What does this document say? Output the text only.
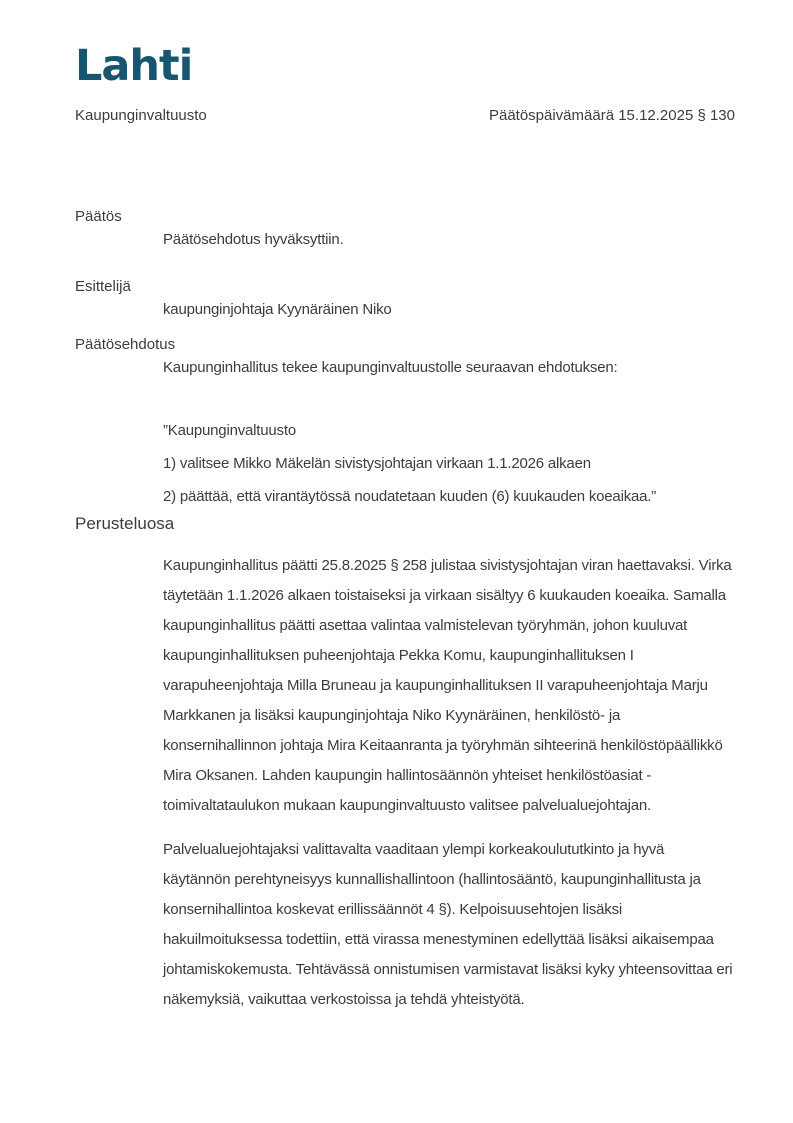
Lahti
Kaupunginvaltuusto	Päätöspäivämäärä 15.12.2025 § 130
Päätös
Päätösehdotus hyväksyttiin.
Esittelijä
kaupunginjohtaja Kyynäräinen Niko
Päätösehdotus
Kaupunginhallitus tekee kaupunginvaltuustolle seuraavan ehdotuksen:
”Kaupunginvaltuusto
1) valitsee Mikko Mäkelän sivistysjohtajan virkaan 1.1.2026 alkaen
2) päättää, että virantäytössä noudatetaan kuuden (6) kuukauden koeaikaa.”
Perusteluosa

Kaupunginhallitus päätti 25.8.2025 § 258 julistaa sivistysjohtajan viran haettavaksi. Virka täytetään 1.1.2026 alkaen toistaiseksi ja virkaan sisältyy 6 kuukauden koeaika. Samalla kaupunginhallitus päätti asettaa valintaa valmistelevan työryhmän, johon kuuluvat kaupunginhallituksen puheenjohtaja Pekka Komu, kaupunginhallituksen I varapuheenjohtaja Milla Bruneau ja kaupunginhallituksen II varapuheenjohtaja Marju Markkanen ja lisäksi kaupunginjohtaja Niko Kyynäräinen, henkilöstö- ja konsernihallinnon johtaja Mira Keitaanranta ja työryhmän sihteerinä henkilöstöpäällikkö Mira Oksanen. Lahden kaupungin hallintosäännön yhteiset henkilöstöasiat - toimivaltataulukon mukaan kaupunginvaltuusto valitsee palvelualuejohtajan.

Palvelualuejohtajaksi valittavalta vaaditaan ylempi korkeakoulututkinto ja hyvä käytännön perehtyneisyys kunnallishallintoon (hallintosääntö, kaupunginhallitusta ja konsernihallintoa koskevat erillissäännöt 4 §). Kelpoisuusehtojen lisäksi hakuilmoituksessa todettiin, että virassa menestyminen edellyttää lisäksi aikaisempaa johtamiskokemusta. Tehtävässä onnistumisen varmistavat lisäksi kyky yhteensovittaa eri näkemyksiä, vaikuttaa verkostoissa ja tehdä yhteistyötä.
